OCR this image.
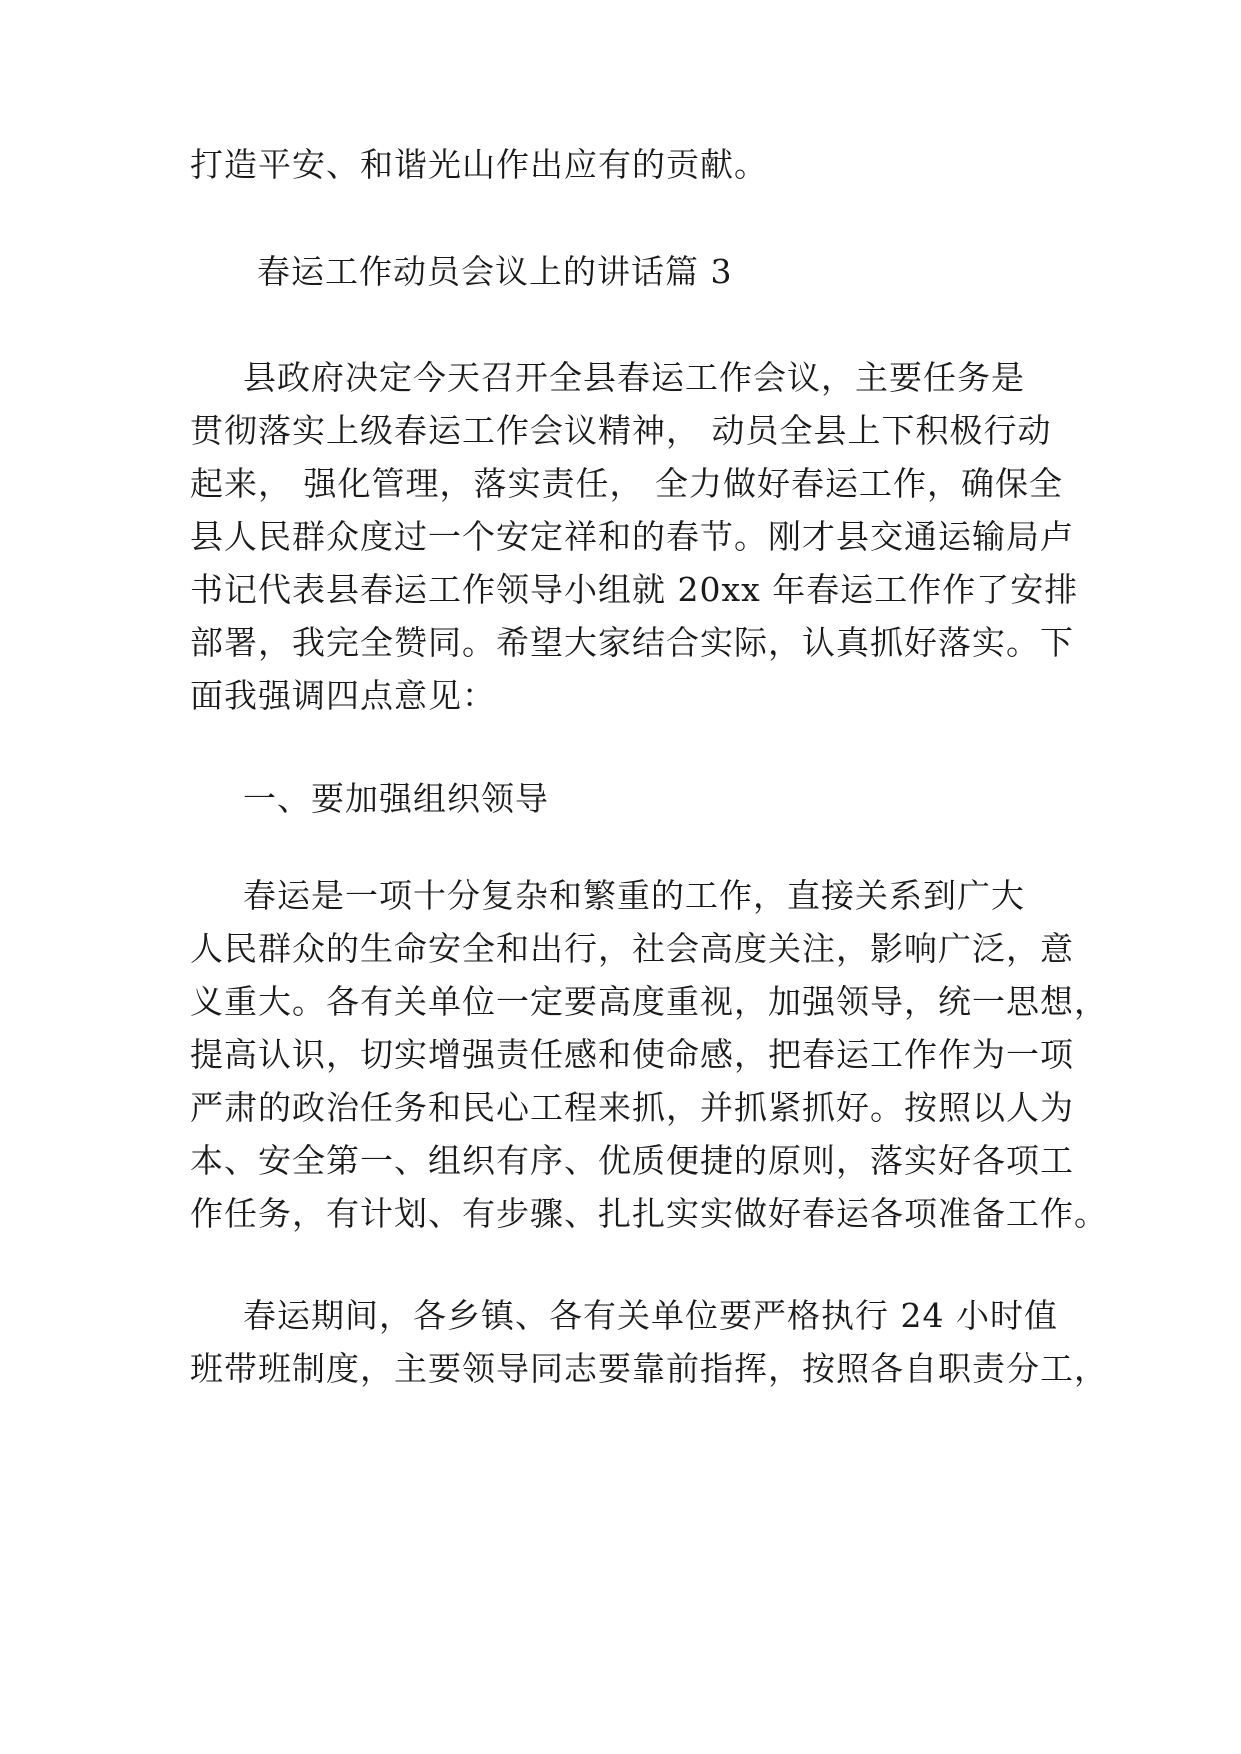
打造平安、和谐光山作出应有的贡献。
春运工作动员会议上的讲话篇 3
县政府决定今天召开全县春运工作会议，主要任务是
贯彻落实上级春运工作会议精神， 动员全县上下积极行动
起来， 强化管理，落实责任， 全力做好春运工作，确保全
县人民群众度过一个安定祥和的春节。刚才县交通运输局卢
书记代表县春运工作领导小组就 20xx 年春运工作作了安排
部署，我完全赞同。希望大家结合实际，认真抓好落实。下
面我强调四点意见：
一、要加强组织领导
春运是一项十分复杂和繁重的工作，直接关系到广大
人民群众的生命安全和出行，社会高度关注，影响广泛，意
义重大。各有关单位一定要高度重视，加强领导，统一思想，
提高认识，切实增强责任感和使命感，把春运工作作为一项
严肃的政治任务和民心工程来抓，并抓紧抓好。按照以人为
本、安全第一、组织有序、优质便捷的原则，落实好各项工
作任务，有计划、有步骤、扎扎实实做好春运各项准备工作。
春运期间，各乡镇、各有关单位要严格执行 24 小时值
班带班制度，主要领导同志要靠前指挥，按照各自职责分工，
